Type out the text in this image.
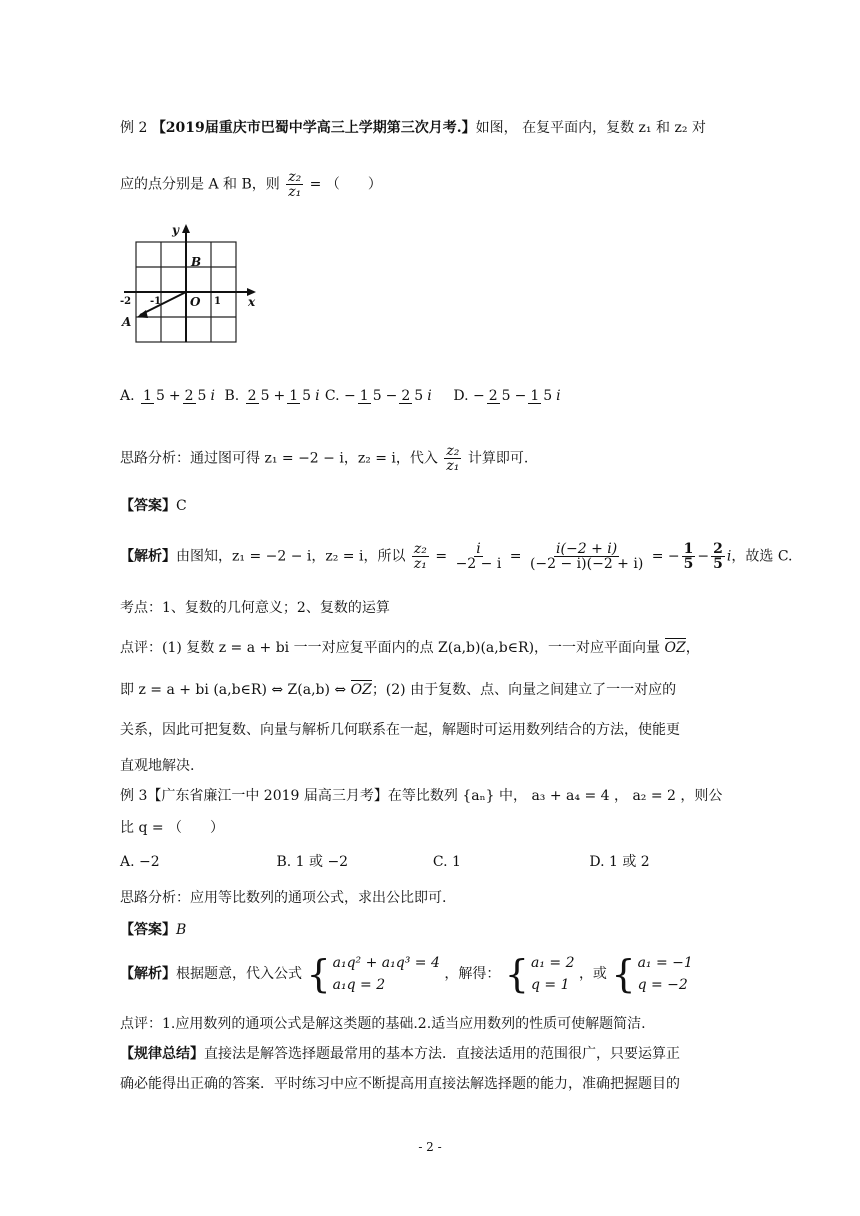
例 2 【2019届重庆市巴蜀中学高三上学期第三次月考.】如图， 在复平面内，复数 z₁ 和 z₂ 对
应的点分别是 A 和 B，则 $\frac{\text{z₂}}{\text{z₁}}$ = （　　）
y
x
O
A
B
-2 -1	1
A. 1 5 + 2 5 i B. 2 5 + 1 5 i C. − 1 5 − 2 5 i D. − 2 5 − 1 5 i
思路分析：通过图可得 z₁ = −2 − i，z₂ = i，代入 $\frac{\text{z₂}}{\text{z₁}}$ 计算即可.
【答案】C
【解析】由图知，z₁ = −2 − i，z₂ = i，所以 $\frac{\text{z₂}}{\text{z₁}} = \frac{i}{-2 - i} = \frac{i(-2 + i)}{(-2 - i)(-2 + i)}$ = − $\frac{1}{5} - \frac{2}{5}$ i，故选 C.
考点：1、复数的几何意义；2、复数的运算
点评：(1) 复数 z = a + bi 一一对应复平面内的点 Z(a,b)(a,b∈R)，一一对应平面向量 OZ，
即 z = a + bi (a,b∈R) ⇔ Z(a,b) ⇔ OZ；(2) 由于复数、点、向量之间建立了一一对应的
关系，因此可把复数、向量与解析几何联系在一起，解题时可运用数列结合的方法，使能更
直观地解决.
例 3【广东省廉江一中 2019 届高三月考】在等比数列 {aₙ} 中， a₃ + a₄ = 4 ， a₂ = 2 ，则公
比 q = （　　）
A. −2	B. 1 或 −2	C. 1	D. 1 或 2
思路分析：应用等比数列的通项公式，求出公比即可.
【答案】B
【解析】根据题意，代入公式 { a₁q² + a₁q³ = 4
a₁q = 2
，解得： { a₁ = 2
q = 1
，或 { a₁ = −1
q = −2
点评：1.应用数列的通项公式是解这类题的基础.2.适当应用数列的性质可使解题简洁.
【规律总结】直接法是解答选择题最常用的基本方法．直接法适用的范围很广，只要运算正
确必能得出正确的答案．平时练习中应不断提高用直接法解选择题的能力，准确把握题目的
- 2 -
